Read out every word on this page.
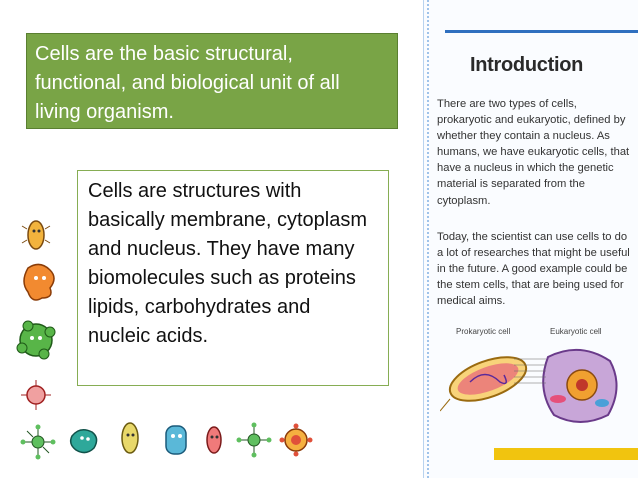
Cells are the basic structural, functional, and biological unit of all living organism.
Cells are structures with basically membrane, cytoplasm and nucleus. They have many biomolecules such as proteins lipids, carbohydrates and nucleic acids.
Introduction
There are two types of cells, prokaryotic and eukaryotic, defined by whether they contain a nucleus. As humans, we have eukaryotic cells, that have a nucleus in which the genetic material is separated from the cytoplasm.
Today, the scientist can use cells to do a lot of researches that might be useful in the future. A good example could be the stem cells, that are being used for medical aims.
Prokaryotic cell	Eukaryotic cell
